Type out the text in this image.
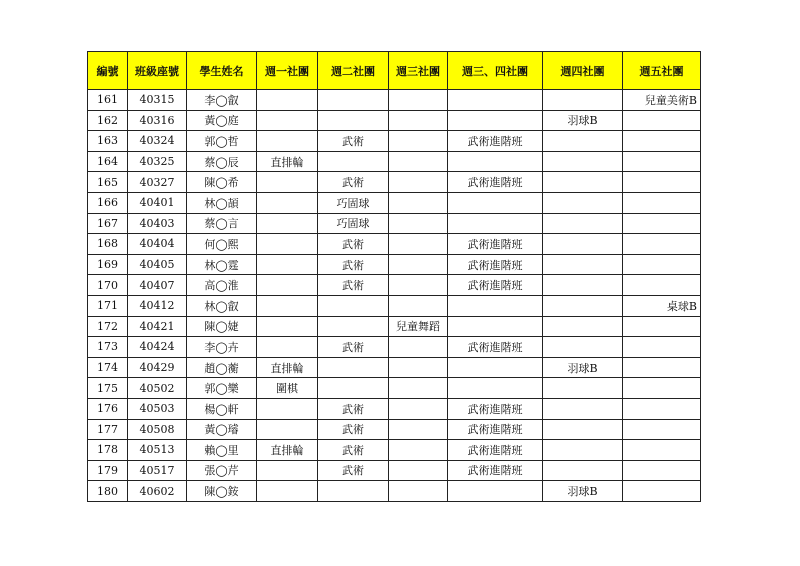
編號	班級座號	學生姓名	週一社團	週二社團	週三社團	週三、四社團	週四社團	週五社團
161	40315	李◯叡						兒童美術B
162	40316	黃◯庭					羽球B	
163	40324	郭◯哲		武術		武術進階班		
164	40325	蔡◯辰	直排輪					
165	40327	陳◯希		武術		武術進階班		
166	40401	林◯頡		巧固球				
167	40403	蔡◯言		巧固球				
168	40404	何◯熙		武術		武術進階班		
169	40405	林◯霆		武術		武術進階班		
170	40407	高◯淮		武術		武術進階班		
171	40412	林◯叡						桌球B
172	40421	陳◯婕			兒童舞蹈			
173	40424	李◯卉		武術		武術進階班		
174	40429	趙◯蘅	直排輪				羽球B	
175	40502	郭◯樂	圍棋					
176	40503	楊◯軒		武術		武術進階班		
177	40508	黃◯璿		武術		武術進階班		
178	40513	賴◯里	直排輪	武術		武術進階班		
179	40517	張◯芹		武術		武術進階班		
180	40602	陳◯銨					羽球B	
